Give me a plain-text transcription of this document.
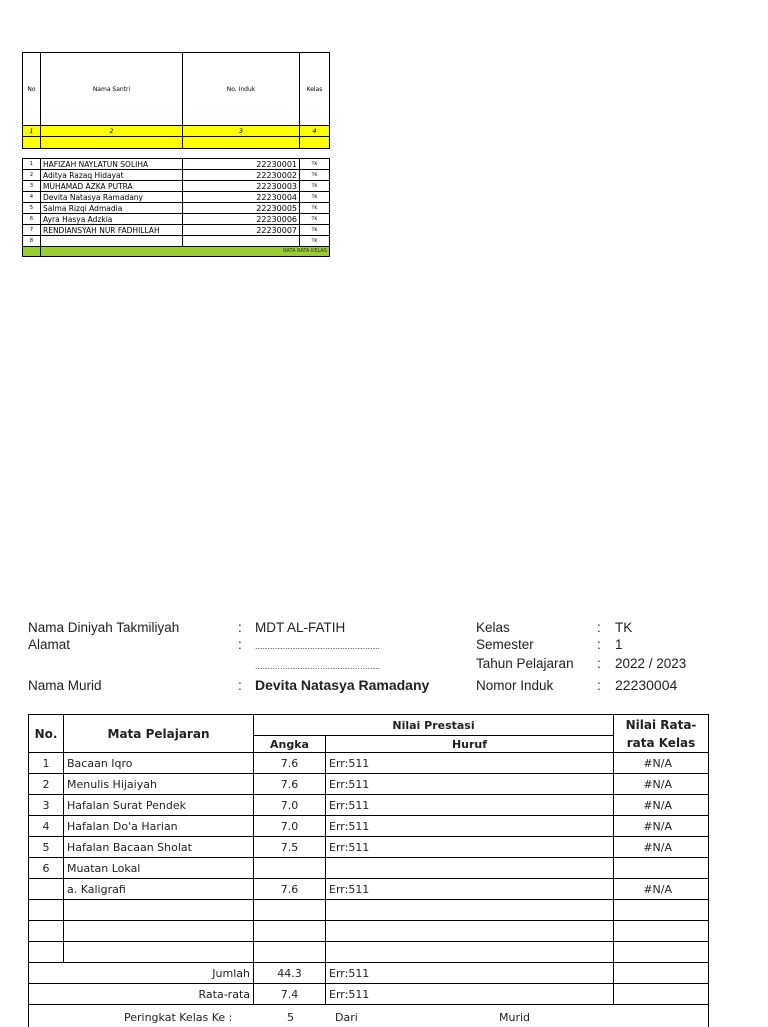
No	Nama Santri	No. Induk	Kelas
1	2	3	4

1	HAFIZAH NAYLATUN SOLIHA	22230001	TK
2	Aditya Razaq Hidayat	22230002	TK
3	MUHAMAD AZKA PUTRA	22230003	TK
4	Devita Natasya Ramadany	22230004	TK
5	Salma Rizqi Admadia	22230005	TK
6	Ayra Hasya Adzkia	22230006	TK
7	RENDIANSYAH NUR FADHILLAH	22230007	TK
8			TK
	RATA RATA KELAS		
Nama Diniyah Takmiliyah	: MDT AL-FATIH
Alamat	: ..................................................
..................................................
Nama Murid	: Devita Natasya Ramadany
Kelas	: TK
Semester	: 1
Tahun Pelajaran : 2022 / 2023
Nomor Induk	: 22230004
No.	Mata Pelajaran	Nilai Prestasi		Nilai Rata-
rata Kelas
		Angka	Huruf	
1	Bacaan Iqro	7.6	Err:511	#N/A
2	Menulis Hijaiyah	7.6	Err:511	#N/A
3	Hafalan Surat Pendek	7.0	Err:511	#N/A
4	Hafalan Do'a Harian	7.0	Err:511	#N/A
5	Hafalan Bacaan Sholat	7.5	Err:511	#N/A
6	Muatan Lokal			
	a. Kaligrafi	7.6	Err:511	#N/A

Jumlah		44.3	Err:511	
Rata-rata		7.4	Err:511	

Peringkat Kelas Ke : 5 Dari Murid				
